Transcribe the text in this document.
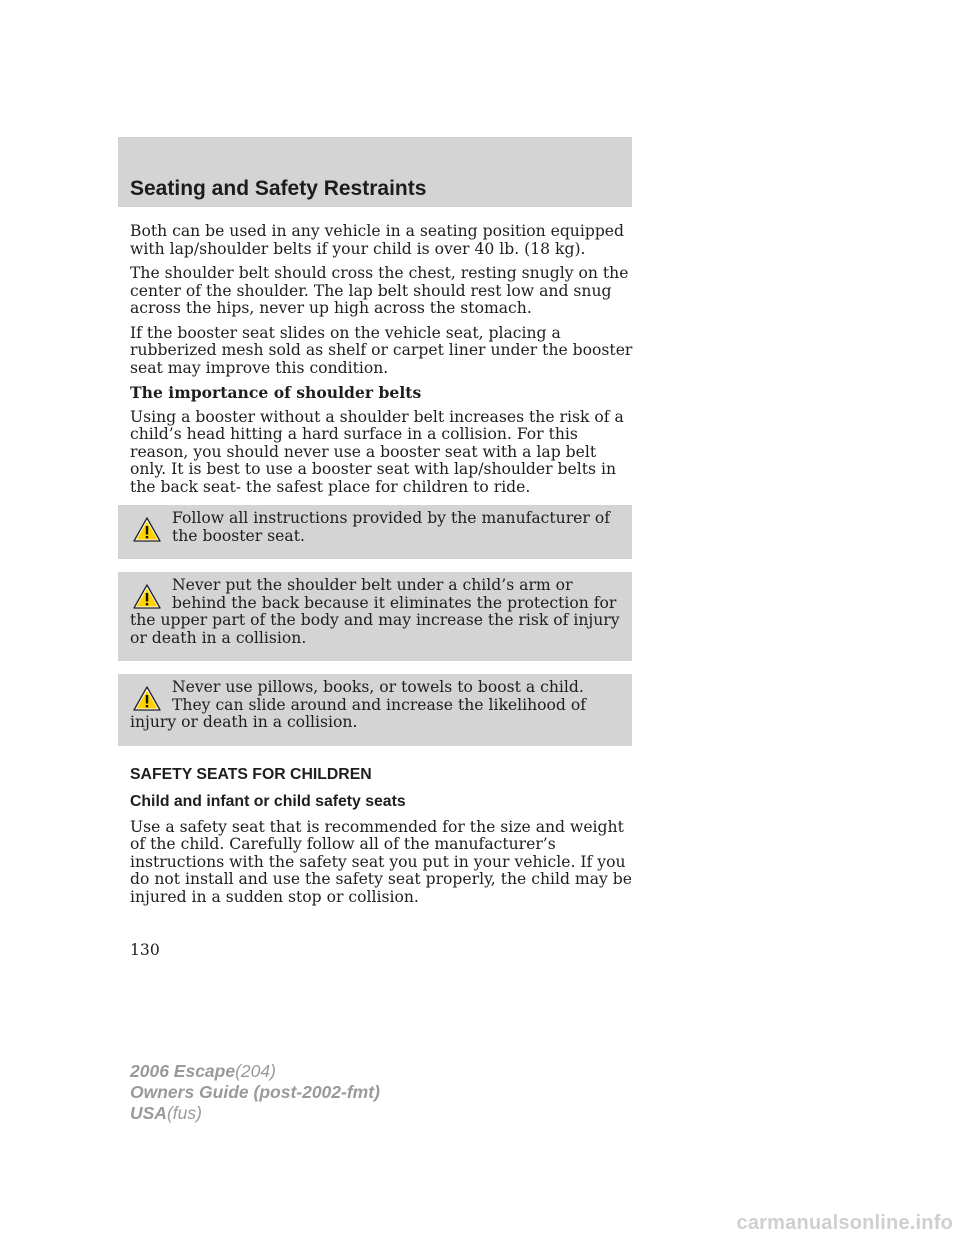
Seating and Safety Restraints

Both can be used in any vehicle in a seating position equipped with lap/shoulder belts if your child is over 40 lb. (18 kg).

The shoulder belt should cross the chest, resting snugly on the center of the shoulder. The lap belt should rest low and snug across the hips, never up high across the stomach.

If the booster seat slides on the vehicle seat, placing a rubberized mesh sold as shelf or carpet liner under the booster seat may improve this condition.

The importance of shoulder belts

Using a booster without a shoulder belt increases the risk of a child’s head hitting a hard surface in a collision. For this reason, you should never use a booster seat with a lap belt only. It is best to use a booster seat with lap/shoulder belts in the back seat- the safest place for children to ride.

Follow all instructions provided by the manufacturer of the booster seat.
Never put the shoulder belt under a child’s arm or behind the back because it eliminates the protection for the upper part of the body and may increase the risk of injury or death in a collision.
Never use pillows, books, or towels to boost a child. They can slide around and increase the likelihood of injury or death in a collision.

SAFETY SEATS FOR CHILDREN

Child and infant or child safety seats

Use a safety seat that is recommended for the size and weight of the child. Carefully follow all of the manufacturer’s instructions with the safety seat you put in your vehicle. If you do not install and use the safety seat properly, the child may be injured in a sudden stop or collision.

130
2006 Escape(204)
Owners Guide (post-2002-fmt)
USA(fus)
carmanualsonline.info
